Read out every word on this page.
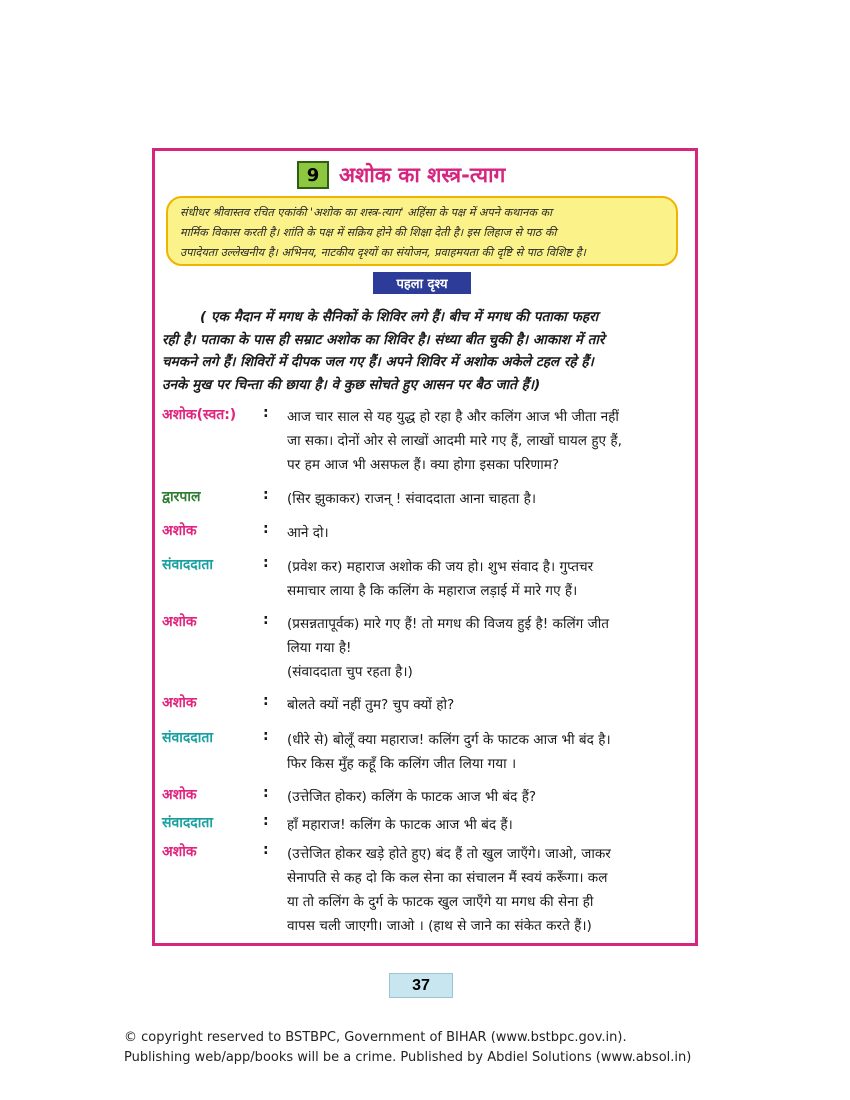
9 अशोक का शस्त्र-त्याग
संधीधर श्रीवास्तव रचित एकांकी 'अशोक का शस्त्र-त्याग' अहिंसा के पक्ष में अपने कथानक का
मार्मिक विकास करती है। शांति के पक्ष में सक्रिय होने की शिक्षा देती है। इस लिहाज से पाठ की
उपादेयता उल्लेखनीय है। अभिनय, नाटकीय दृश्यों का संयोजन, प्रवाहमयता की दृष्टि से पाठ विशिष्ट है।
पहला दृश्य
( एक मैदान में मगध के सैनिकों के शिविर लगे हैं। बीच में मगध की पताका फहरा
रही है। पताका के पास ही सम्राट अशोक का शिविर है। संध्या बीत चुकी है। आकाश में तारे
चमकने लगे हैं। शिविरों में दीपक जल गए हैं। अपने शिविर में अशोक अकेले टहल रहे हैं।
उनके मुख पर चिन्ता की छाया है। वे कुछ सोचते हुए आसन पर बैठ जाते हैं।)
अशोक(स्वत:) : आज चार साल से यह युद्ध हो रहा है और कलिंग आज भी जीता नहीं
जा सका। दोनों ओर से लाखों आदमी मारे गए हैं, लाखों घायल हुए हैं,
पर हम आज भी असफल हैं। क्या होगा इसका परिणाम?
द्वारपाल	: (सिर झुकाकर) राजन् ! संवाददाता आना चाहता है।
अशोक	: आने दो।
संवाददाता	: (प्रवेश कर) महाराज अशोक की जय हो। शुभ संवाद है। गुप्तचर
समाचार लाया है कि कलिंग के महाराज लड़ाई में मारे गए हैं।
अशोक	: (प्रसन्नतापूर्वक) मारे गए हैं! तो मगध की विजय हुई है! कलिंग जीत
लिया गया है!
(संवाददाता चुप रहता है।)
अशोक	: बोलते क्यों नहीं तुम? चुप क्यों हो?
संवाददाता	: (धीरे से) बोलूँ क्या महाराज! कलिंग दुर्ग के फाटक आज भी बंद है।
फिर किस मुँह कहूँ कि कलिंग जीत लिया गया ।
अशोक	: (उत्तेजित होकर) कलिंग के फाटक आज भी बंद हैं?
संवाददाता	: हाँ महाराज! कलिंग के फाटक आज भी बंद हैं।
अशोक	: (उत्तेजित होकर खड़े होते हुए) बंद हैं तो खुल जाएँगे। जाओ, जाकर
सेनापति से कह दो कि कल सेना का संचालन मैं स्वयं करूँगा। कल
या तो कलिंग के दुर्ग के फाटक खुल जाएँगे या मगध की सेना ही
वापस चली जाएगी। जाओ । (हाथ से जाने का संकेत करते हैं।)
37
© copyright reserved to BSTBPC, Government of BIHAR (www.bstbpc.gov.in).
Publishing web/app/books will be a crime. Published by Abdiel Solutions (www.absol.in)
